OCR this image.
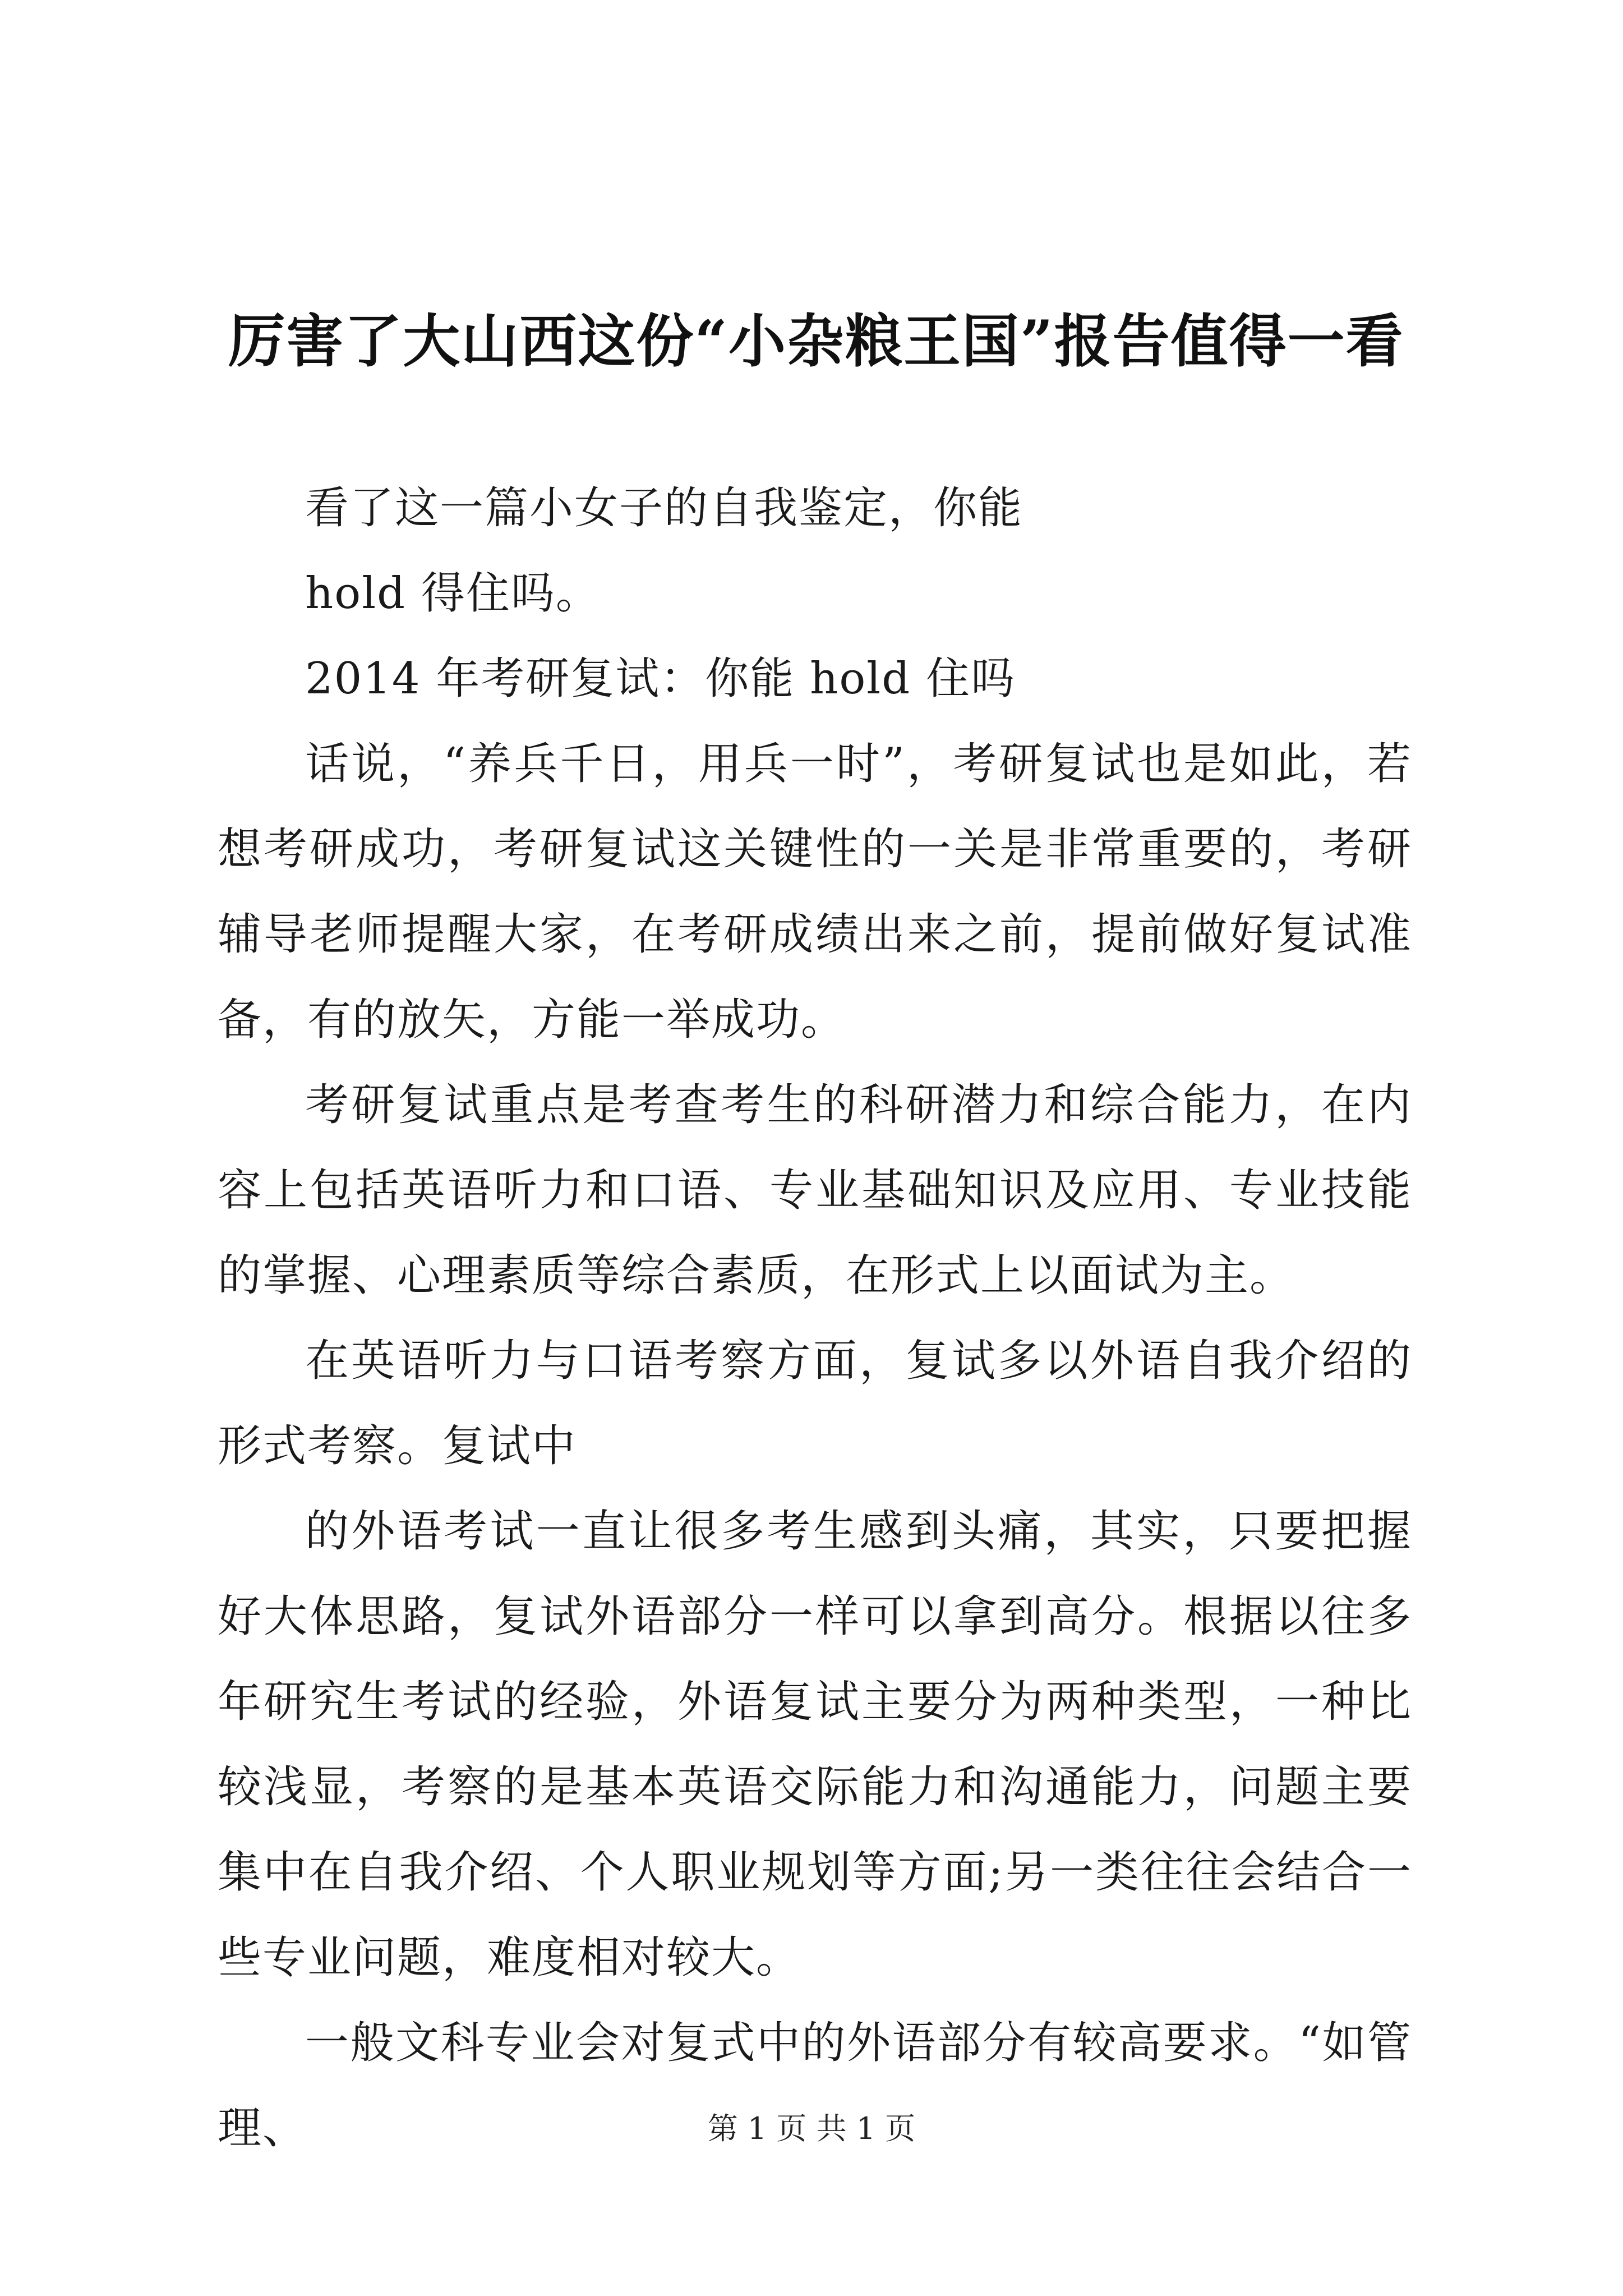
厉害了大山西这份“小杂粮王国”报告值得一看

看了这一篇小女子的自我鉴定，你能

hold 得住吗。

2014 年考研复试：你能 hold 住吗

话说，“养兵千日，用兵一时”，考研复试也是如此，若想考研成功，考研复试这关键性的一关是非常重要的，考研辅导老师提醒大家，在考研成绩出来之前，提前做好复试准备，有的放矢，方能一举成功。

考研复试重点是考查考生的科研潜力和综合能力，在内容上包括英语听力和口语、专业基础知识及应用、专业技能的掌握、心理素质等综合素质，在形式上以面试为主。

在英语听力与口语考察方面，复试多以外语自我介绍的形式考察。复试中

的外语考试一直让很多考生感到头痛，其实，只要把握好大体思路，复试外语部分一样可以拿到高分。根据以往多年研究生考试的经验，外语复试主要分为两种类型，一种比较浅显，考察的是基本英语交际能力和沟通能力，问题主要集中在自我介绍、个人职业规划等方面;另一类往往会结合一些专业问题，难度相对较大。

一般文科专业会对复式中的外语部分有较高要求。“如管理、	第 1 页 共 1 页
